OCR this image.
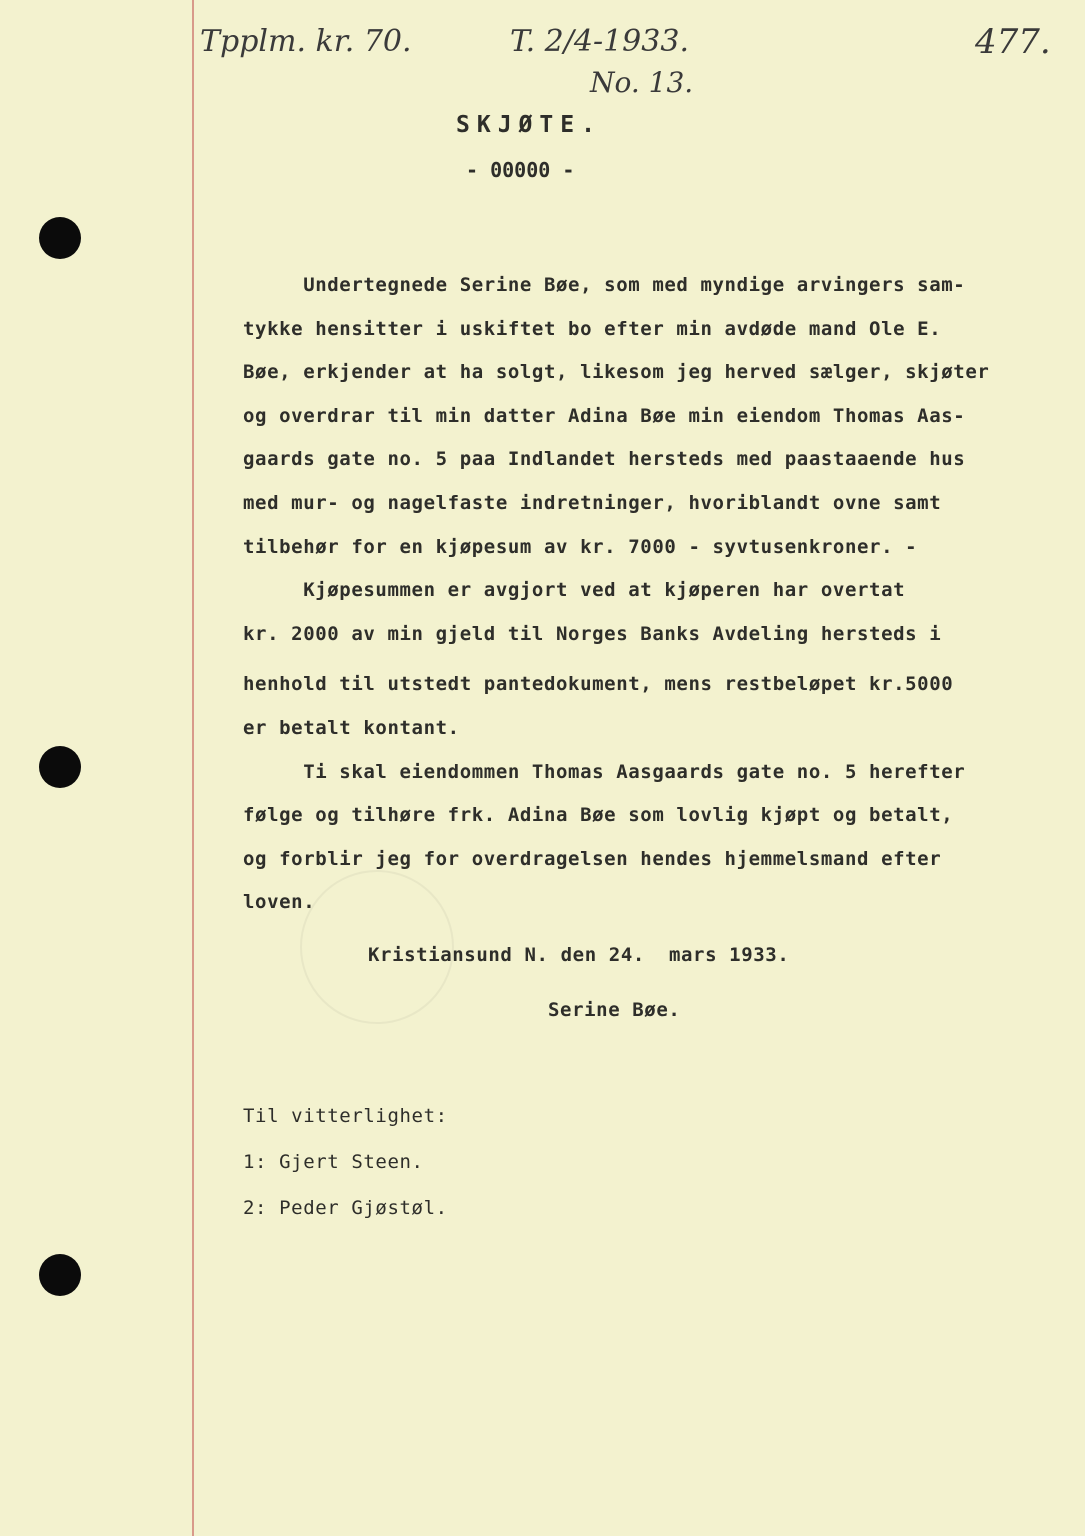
Tpplm. kr. 70.	T. 2/4-1933.
No. 13.
477.
SKJØTE.
- 00000 -
Undertegnede Serine Bøe, som med myndige arvingers sam-
tykke hensitter i uskiftet bo efter min avdøde mand Ole E.
Bøe, erkjender at ha solgt, likesom jeg herved sælger, skjøter
og overdrar til min datter Adina Bøe min eiendom Thomas Aas-
gaards gate no. 5 paa Indlandet hersteds med paastaaende hus
med mur- og nagelfaste indretninger, hvoriblandt ovne samt
tilbehør for en kjøpesum av kr. 7000 - syvtusenkroner. -
Kjøpesummen er avgjort ved at kjøperen har overtat
kr. 2000 av min gjeld til Norges Banks Avdeling hersteds i
henhold til utstedt pantedokument, mens restbeløpet kr.5000
er betalt kontant.
Ti skal eiendommen Thomas Aasgaards gate no. 5 herefter
følge og tilhøre frk. Adina Bøe som lovlig kjøpt og betalt,
og forblir jeg for overdragelsen hendes hjemmelsmand efter
loven.
Kristiansund N. den 24.  mars 1933.
Serine Bøe.
Til vitterlighet:
1: Gjert Steen.
2: Peder Gjøstøl.
